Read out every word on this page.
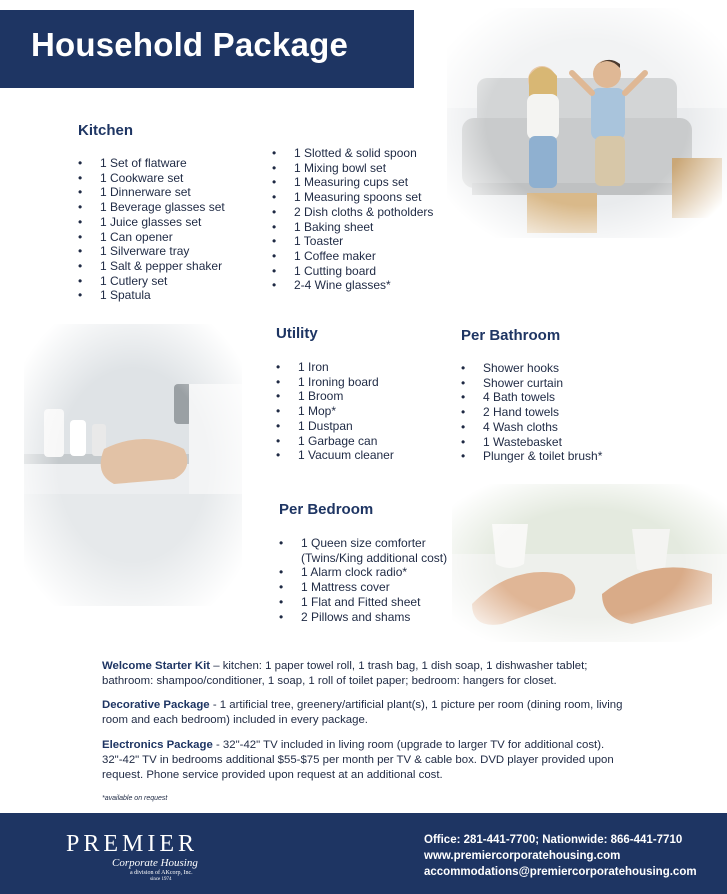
Household Package
Kitchen
• 1 Set of flatware
• 1 Cookware set
• 1 Dinnerware set
• 1 Beverage glasses set
• 1 Juice glasses set
• 1 Can opener
• 1 Silverware tray
• 1 Salt & pepper shaker
• 1 Cutlery set
• 1 Spatula
• 1 Slotted & solid spoon
• 1 Mixing bowl set
• 1 Measuring cups set
• 1 Measuring spoons set
• 2 Dish cloths & potholders
• 1 Baking sheet
• 1 Toaster
• 1 Coffee maker
• 1 Cutting board
• 2-4 Wine glasses*
Utility
• 1 Iron
• 1 Ironing board
• 1 Broom
• 1 Mop*
• 1 Dustpan
• 1 Garbage can
• 1 Vacuum cleaner
Per Bathroom
• Shower hooks
• Shower curtain
• 4 Bath towels
• 2 Hand towels
• 4 Wash cloths
• 1 Wastebasket
• Plunger & toilet brush*
Per Bedroom
• 1 Queen size comforter
(Twins/King additional cost)
• 1 Alarm clock radio*
• 1 Mattress cover
• 1 Flat and Fitted sheet
• 2 Pillows and shams
Welcome Starter Kit – kitchen: 1 paper towel roll, 1 trash bag, 1 dish soap, 1 dishwasher tablet; bathroom: shampoo/conditioner, 1 soap, 1 roll of toilet paper; bedroom: hangers for closet.
Decorative Package - 1 artificial tree, greenery/artificial plant(s), 1 picture per room (dining room, living room and each bedroom) included in every package.
Electronics Package - 32"-42" TV included in living room (upgrade to larger TV for additional cost). 32"-42" TV in bedrooms additional $55-$75 per month per TV & cable box. DVD player provided upon request. Phone service provided upon request at an additional cost.
*available on request
PREMIER
Corporate Housing
a division of AKcorp, Inc.
since 1974
Office: 281-441-7700; Nationwide: 866-441-7710
www.premiercorporatehousing.com
accommodations@premiercorporatehousing.com
